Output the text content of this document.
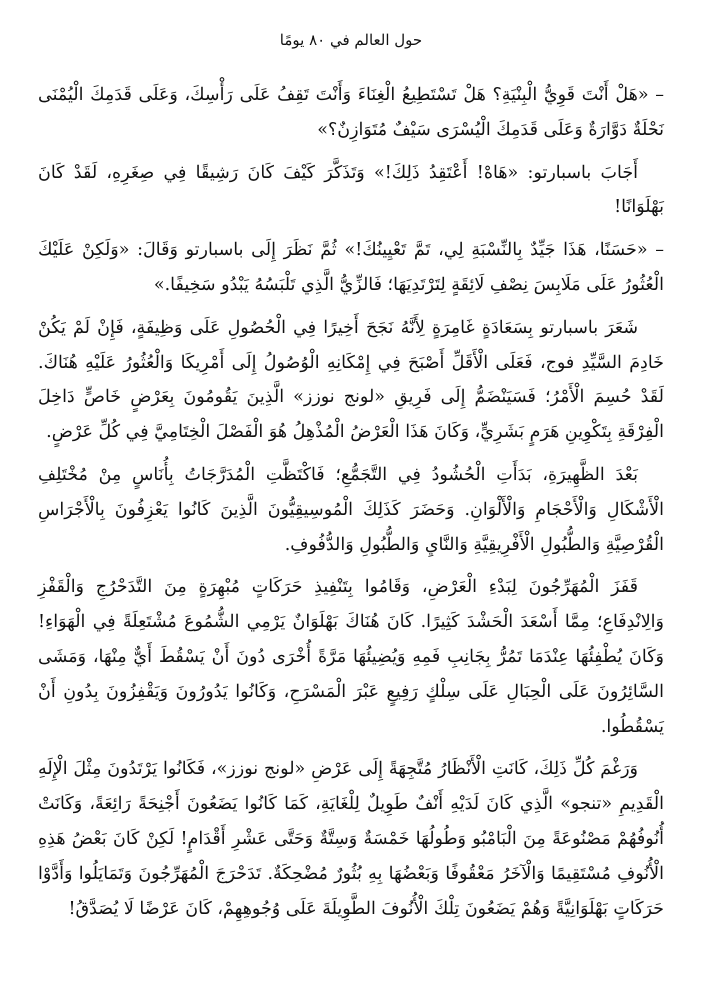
حول العالم في ٨٠ يومًا

– «هَلْ أَنْتَ قَوِيُّ الْبِنْيَةِ؟ هَلْ تَسْتَطِيعُ الْغِنَاءَ وَأَنْتَ تَقِفُ عَلَى رَأْسِكَ، وَعَلَى قَدَمِكَ الْيُمْنَى نَحْلَةٌ دَوَّارَةٌ وَعَلَى قَدَمِكَ الْيُسْرَى سَيْفٌ مُتَوَازِنٌ؟»

أَجَابَ باسبارتو: «هَاهْ! أَعْتَقِدُ ذَلِكَ!» وَتَذَكَّرَ كَيْفَ كَانَ رَشِيقًا فِي صِغَرِهِ، لَقَدْ كَانَ بَهْلَوَانًا!

– «حَسَنًا، هَذَا جَيِّدٌ بِالنِّسْبَةِ لِي، تَمَّ تَعْيِينُكَ!» ثُمَّ نَظَرَ إِلَى باسبارتو وَقَالَ: «وَلَكِنْ عَلَيْكَ الْعُثُورُ عَلَى مَلَابِسَ نِصْفِ لَائِقَةٍ لِتَرْتَدِيَهَا؛ فَالزِّيُّ الَّذِي تَلْبَسُهُ يَبْدُو سَخِيفًا.»

شَعَرَ باسبارتو بِسَعَادَةٍ غَامِرَةٍ لِأَنَّهُ نَجَحَ أَخِيرًا فِي الْحُصُولِ عَلَى وَظِيفَةٍ، فَإِنْ لَمْ يَكُنْ خَادِمَ السَّيِّدِ فوج، فَعَلَى الْأَقَلِّ أَصْبَحَ فِي إِمْكَانِهِ الْوُصُولُ إِلَى أَمْرِيكَا وَالْعُثُورُ عَلَيْهِ هُنَاكَ. لَقَدْ حُسِمَ الْأَمْرُ؛ فَسَيَنْضَمُّ إِلَى فَرِيقِ «لونج نوزز» الَّذِينَ يَقُومُونَ بِعَرْضٍ خَاصٍّ دَاخِلَ الْفِرْقَةِ بِتَكْوِينِ هَرَمٍ بَشَرِيٍّ، وَكَانَ هَذَا الْعَرْضُ الْمُذْهِلُ هُوَ الْفَصْلَ الْخِتَامِيَّ فِي كُلِّ عَرْضٍ.

بَعْدَ الظَّهِيرَةِ، بَدَأَتِ الْحُشُودُ فِي التَّجَمُّعِ؛ فَاكْتَظَّتِ الْمُدَرَّجَاتُ بِأُنَاسٍ مِنْ مُخْتَلِفِ الْأَشْكَالِ وَالْأَحْجَامِ وَالْأَلْوَانِ. وَحَضَرَ كَذَلِكَ الْمُوسِيقِيُّونَ الَّذِينَ كَانُوا يَعْزِفُونَ بِالْأَجْرَاسِ الْقُرْصِيَّةِ وَالطُّبُولِ الْأَفْرِيقِيَّةِ وَالنَّايِ وَالطُّبُولِ وَالدُّفُوفِ.

قَفَزَ الْمُهَرِّجُونَ لِبَدْءِ الْعَرْضِ، وَقَامُوا بِتَنْفِيذِ حَرَكَاتٍ مُبْهِرَةٍ مِنَ التَّدَحْرُجِ وَالْقَفْزِ وَالِانْدِفَاعِ؛ مِمَّا أَسْعَدَ الْحَشْدَ كَثِيرًا. كَانَ هُنَاكَ بَهْلَوَانٌ يَرْمِي الشُّمُوعَ مُشْتَعِلَةً فِي الْهَوَاءِ! وَكَانَ يُطْفِئُهَا عِنْدَمَا تَمُرُّ بِجَانِبِ فَمِهِ وَيُضِيئُهَا مَرَّةً أُخْرَى دُونَ أَنْ يَسْقُطَ أَيٌّ مِنْهَا، وَمَشَى السَّائِرُونَ عَلَى الْحِبَالِ عَلَى سِلْكٍ رَفِيعٍ عَبْرَ الْمَسْرَحِ، وَكَانُوا يَدُورُونَ وَيَقْفِزُونَ بِدُونِ أَنْ يَسْقُطُوا.

وَرَغْمَ كُلِّ ذَلِكَ، كَانَتِ الْأَنْظَارُ مُتَّجِهَةً إِلَى عَرْضِ «لونج نوزز»، فَكَانُوا يَرْتَدُونَ مِثْلَ الْإِلَهِ الْقَدِيمِ «تنجو» الَّذِي كَانَ لَدَيْهِ أَنْفٌ طَوِيلٌ لِلْغَايَةِ، كَمَا كَانُوا يَضَعُونَ أَجْنِحَةً رَائِعَةً، وَكَانَتْ أُنُوفُهُمْ مَصْنُوعَةً مِنَ الْبَامْبُو وَطُولُهَا خَمْسَةٌ وَسِتَّةٌ وَحَتَّى عَشْرِ أَقْدَامٍ! لَكِنْ كَانَ بَعْضُ هَذِهِ الْأُنُوفِ مُسْتَقِيمًا وَالْآخَرُ مَعْقُوفًا وَبَعْضُهَا بِهِ بُثُورٌ مُضْحِكَةٌ. تَدَحْرَجَ الْمُهَرِّجُونَ وَتَمَايَلُوا وَأَدَّوْا حَرَكَاتٍ بَهْلَوَانِيَّةً وَهُمْ يَضَعُونَ تِلْكَ الْأُنُوفَ الطَّوِيلَةَ عَلَى وُجُوهِهِمْ، كَانَ عَرْضًا لَا يُصَدَّقُ!
